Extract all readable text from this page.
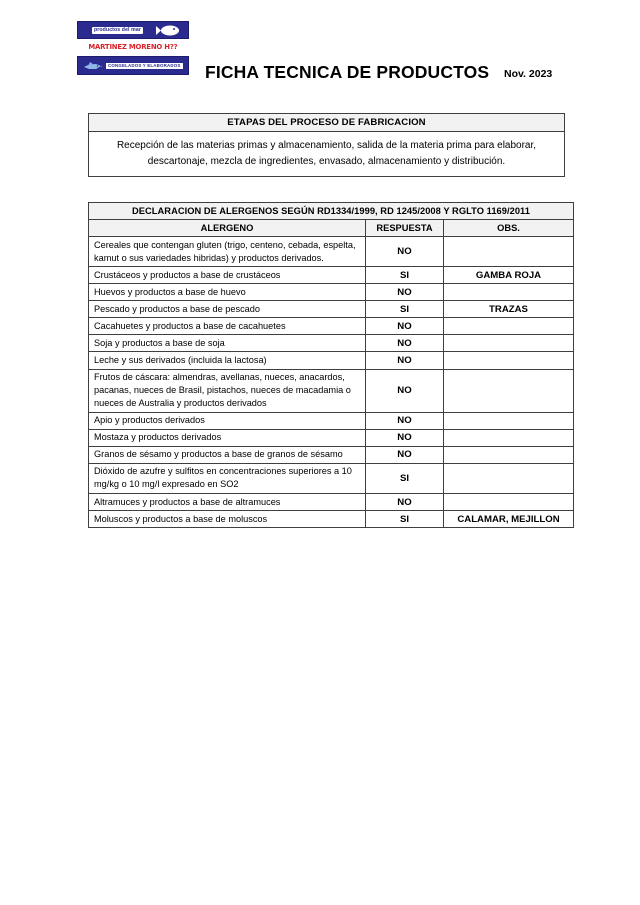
productos del mar
MARTINEZ MORENO H??
CONGELADOS Y ELABORADOS FICHA TECNICA DE PRODUCTOS Nov. 2023
ETAPAS DEL PROCESO DE FABRICACION
Recepción de las materias primas y almacenamiento, salida de la materia prima para elaborar, descartonaje, mezcla de ingredientes, envasado, almacenamiento y distribución.
DECLARACION DE ALERGENOS SEGÚN RD1334/1999, RD 1245/2008 Y RGLTO 1169/2011		
ALERGENO	RESPUESTA	OBS.
Cereales que contengan gluten (trigo, centeno, cebada, espelta, kamut o sus variedades hibridas) y productos derivados.	NO	
Crustáceos y productos a base de crustáceos	SI	GAMBA ROJA
Huevos y productos a base de huevo	NO	
Pescado y productos a base de pescado	SI	TRAZAS
Cacahuetes y productos a base de cacahuetes	NO	
Soja y productos a base de soja	NO	
Leche y sus derivados (incluida la lactosa)	NO	
Frutos de cáscara: almendras, avellanas, nueces, anacardos, pacanas, nueces de Brasil, pistachos, nueces de macadamia o nueces de Australia y productos derivados	NO	
Apio y productos derivados	NO	
Mostaza y productos derivados	NO	
Granos de sésamo y productos a base de granos de sésamo	NO	
Dióxido de azufre y sulfitos en concentraciones superiores a 10 mg/kg o 10 mg/l expresado en SO2	SI	
Altramuces y productos a base de altramuces	NO	
Moluscos y productos a base de moluscos	SI	CALAMAR, MEJILLON
